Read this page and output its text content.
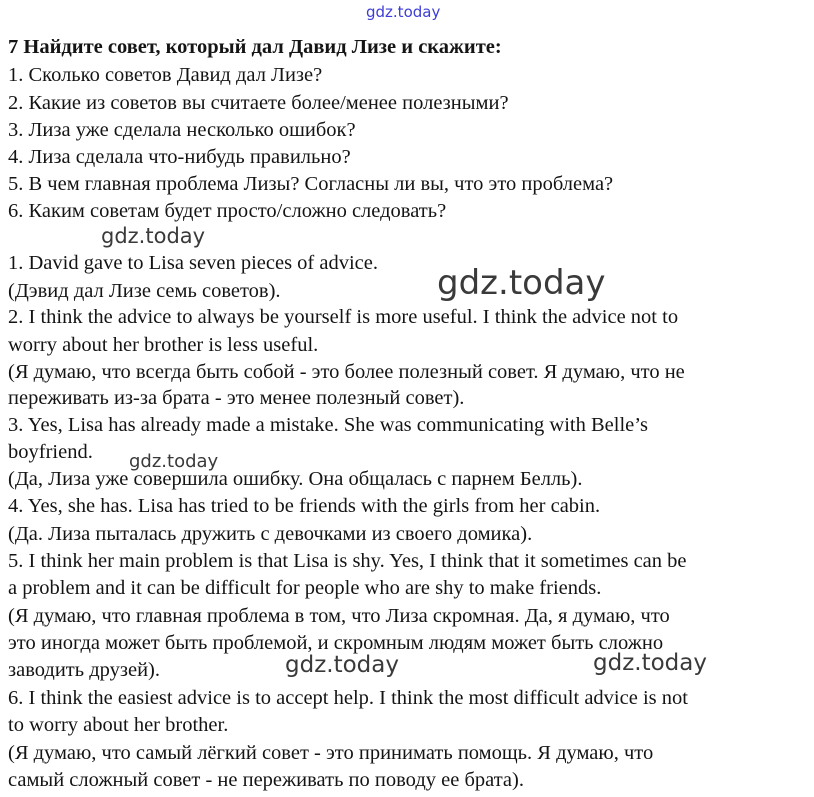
gdz.today
7 Найдите совет, который дал Давид Лизе и скажите:
1. Сколько советов Давид дал Лизе?
2. Какие из советов вы считаете более/менее полезными?
3. Лиза уже сделала несколько ошибок?
4. Лиза сделала что-нибудь правильно?
5. В чем главная проблема Лизы? Согласны ли вы, что это проблема?
6. Каким советам будет просто/сложно следовать?
1. David gave to Lisa seven pieces of advice.
(Дэвид дал Лизе семь советов).
2. I think the advice to always be yourself is more useful. I think the advice not to
worry about her brother is less useful.
(Я думаю, что всегда быть собой - это более полезный совет. Я думаю, что не
переживать из-за брата - это менее полезный совет).
3. Yes, Lisa has already made a mistake. She was communicating with Belle’s
boyfriend.
(Да, Лиза уже совершила ошибку. Она общалась с парнем Белль).
4. Yes, she has. Lisa has tried to be friends with the girls from her cabin.
(Да. Лиза пыталась дружить с девочками из своего домика).
5. I think her main problem is that Lisa is shy. Yes, I think that it sometimes can be
a problem and it can be difficult for people who are shy to make friends.
(Я думаю, что главная проблема в том, что Лиза скромная. Да, я думаю, что
это иногда может быть проблемой, и скромным людям может быть сложно
заводить друзей).
6. I think the easiest advice is to accept help. I think the most difficult advice is not
to worry about her brother.
(Я думаю, что самый лёгкий совет - это принимать помощь. Я думаю, что
самый сложный совет - не переживать по поводу ее брата).
gdz.today
gdz.today
gdz.today
gdz.today	gdz.today
